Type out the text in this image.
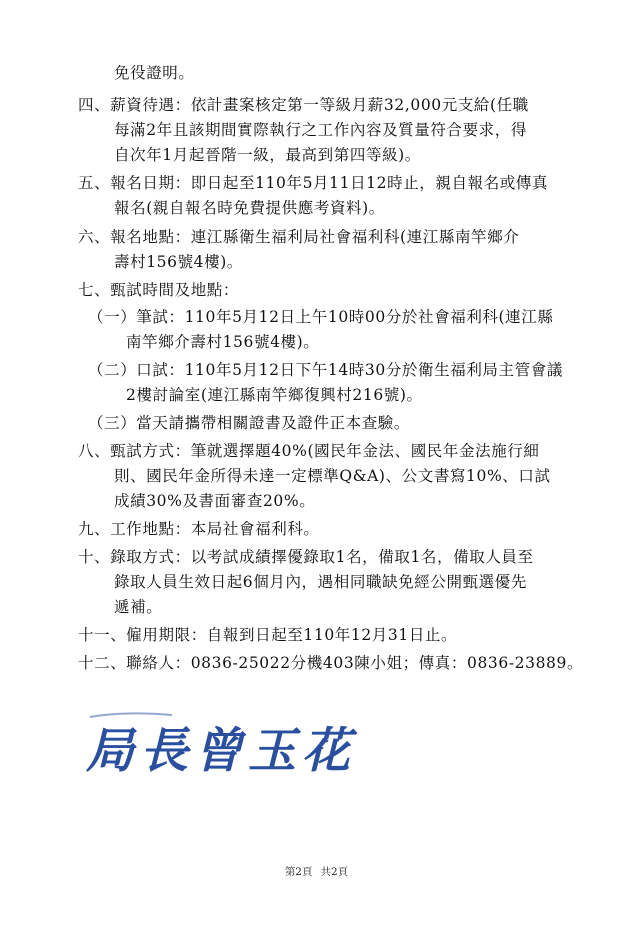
免役證明。
四、薪資待遇：依計畫案核定第一等級月薪32,000元支給(任職
每滿2年且該期間實際執行之工作內容及質量符合要求，得
自次年1月起晉階一級，最高到第四等級)。
五、報名日期：即日起至110年5月11日12時止，親自報名或傳真
報名(親自報名時免費提供應考資料)。
六、報名地點：連江縣衛生福利局社會福利科(連江縣南竿鄉介
壽村156號4樓)。
七、甄試時間及地點：
（一）筆試：110年5月12日上午10時00分於社會福利科(連江縣
南竿鄉介壽村156號4樓)。
（二）口試：110年5月12日下午14時30分於衛生福利局主管會議
2樓討論室(連江縣南竿鄉復興村216號)。
（三）當天請攜帶相關證書及證件正本查驗。
八、甄試方式：筆就選擇題40%(國民年金法、國民年金法施行細
則、國民年金所得未達一定標準Q&A)、公文書寫10%、口試
成績30%及書面審查20%。
九、工作地點：本局社會福利科。
十、錄取方式：以考試成績擇優錄取1名，備取1名，備取人員至
錄取人員生效日起6個月內，遇相同職缺免經公開甄選優先
遞補。
十一、僱用期限：自報到日起至110年12月31日止。
十二、聯絡人：0836-25022分機403陳小姐；傳真：0836-23889。
局長曾玉花
第2頁 共2頁
